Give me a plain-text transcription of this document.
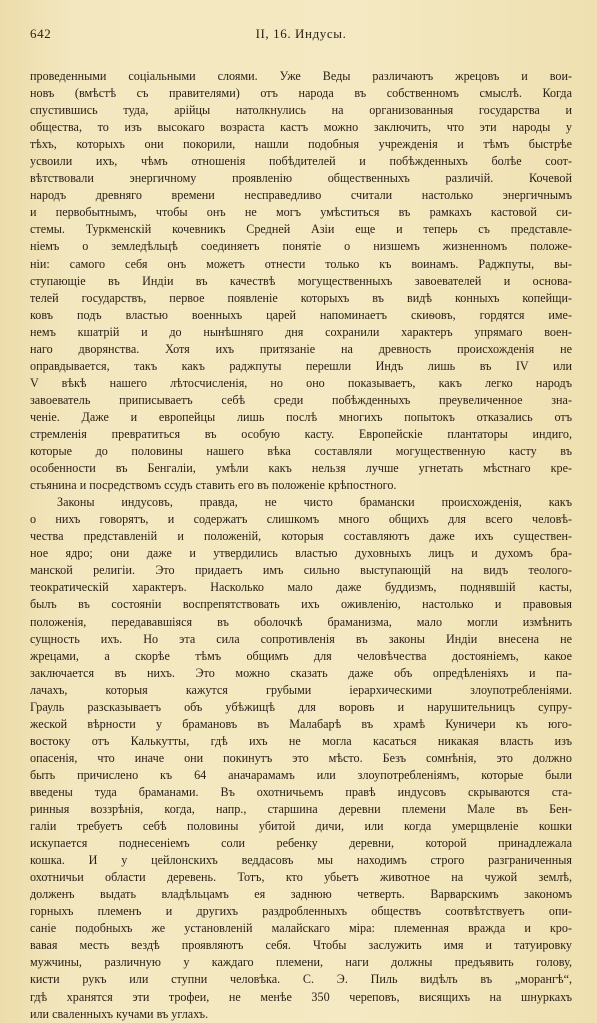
642	II, 16. Индусы.
проведенными соціальными слоями. Уже Веды различаютъ жрецовъ и вои-
новъ (вмѣстѣ съ правителями) отъ народа въ собственномъ смыслѣ. Когда
спустившись туда, арійцы натолкнулись на организованныя государства и
общества, то изъ высокаго возраста кастъ можно заключить, что эти народы у
тѣхъ, которыхъ они покорили, нашли подобныя учрежденія и тѣмъ быстрѣе
усвоили ихъ, чѣмъ отношенія побѣдителей и побѣжденныхъ болѣе соот-
вѣтствовали энергичному проявленію общественныхъ различій. Кочевой
народъ древняго времени несправедливо считали настолько энергичнымъ
и первобытнымъ, чтобы онъ не могъ умѣститься въ рамкахъ кастовой си-
стемы. Туркменскій кочевникъ Средней Азіи еще и теперь съ представле-
ніемъ о земледѣльцѣ соединяетъ понятіе о низшемъ жизненномъ положе-
ніи: самого себя онъ можетъ отнести только къ воинамъ. Раджпуты, вы-
ступающіе въ Индіи въ качествѣ могущественныхъ завоевателей и основа-
телей государствъ, первое появленіе которыхъ въ видѣ конныхъ копейщи-
ковъ подъ властью военныхъ царей напоминаетъ скиѳовъ, гордятся име-
немъ кшатрій и до нынѣшняго дня сохранили характеръ упрямаго воен-
наго дворянства. Хотя ихъ притязаніе на древность происхожденія не
оправдывается, такъ какъ раджпуты перешли Индъ лишь въ IV или
V вѣкѣ нашего лѣтосчисленія, но оно показываетъ, какъ легко народъ
завоеватель приписываетъ себѣ среди побѣжденныхъ преувеличенное зна-
ченіе. Даже и европейцы лишь послѣ многихъ попытокъ отказались отъ
стремленія превратиться въ особую касту. Европейскіе плантаторы индиго,
которые до половины нашего вѣка составляли могущественную касту въ
особенности въ Бенгаліи, умѣли какъ нельзя лучше угнетать мѣстнаго кре-
стьянина и посредствомъ ссудъ ставить его въ положеніе крѣпостного.
Законы индусовъ, правда, не чисто брамански происхожденія, какъ
о нихъ говорятъ, и содержатъ слишкомъ много общихъ для всего человѣ-
чества представленій и положеній, которыя составляютъ даже ихъ существен-
ное ядро; они даже и утвердились властью духовныхъ лицъ и духомъ бра-
манской религіи. Это придаетъ имъ сильно выступающій на видъ теолого-
теократическій характеръ. Насколько мало даже буддизмъ, поднявшій касты,
былъ въ состояніи воспрепятствовать ихъ оживленію, настолько и правовыя
положенія, передававшіяся въ оболочкѣ браманизма, мало могли измѣнить
сущность ихъ. Но эта сила сопротивленія въ законы Индіи внесена не
жрецами, а скорѣе тѣмъ общимъ для человѣчества достояніемъ, какое
заключается въ нихъ. Это можно сказать даже объ опредѣленіяхъ и па-
лачахъ, которыя кажутся грубыми іерархическими злоупотребленіями.
Грауль разсказываетъ объ убѣжищѣ для воровъ и нарушительницъ супру-
жеской вѣрности у брамановъ въ Малабарѣ въ храмѣ Куничери къ юго-
востоку отъ Калькутты, гдѣ ихъ не могла касаться никакая власть изъ
опасенія, что иначе они покинутъ это мѣсто. Безъ сомнѣнія, это должно
быть причислено къ 64 аначарамамъ или злоупотребленіямъ, которые были
введены туда браманами. Въ охотничьемъ правѣ индусовъ скрываются ста-
ринныя воззрѣнія, когда, напр., старшина деревни племени Мале въ Бен-
галіи требуетъ себѣ половины убитой дичи, или когда умерщвленіе кошки
искупается поднесеніемъ соли ребенку деревни, которой принадлежала
кошка. И у цейлонскихъ веддасовъ мы находимъ строго разграниченныя
охотничьи области деревень. Тотъ, кто убьетъ животное на чужой землѣ,
долженъ выдать владѣльцамъ ея заднюю четверть. Варварскимъ закономъ
горныхъ племенъ и другихъ раздробленныхъ обществъ соотвѣтствуетъ опи-
саніе подобныхъ же установленій малайскаго міра: племенная вражда и кро-
вавая месть вездѣ проявляютъ себя. Чтобы заслужить имя и татуировку
мужчины, различную у каждаго племени, наги должны предъявить голову,
кисти рукъ или ступни человѣка. С. Э. Пиль видѣлъ въ „морангѣ“,
гдѣ хранятся эти трофеи, не менѣе 350 череповъ, висящихъ на шнуркахъ
или сваленныхъ кучами въ углахъ.
